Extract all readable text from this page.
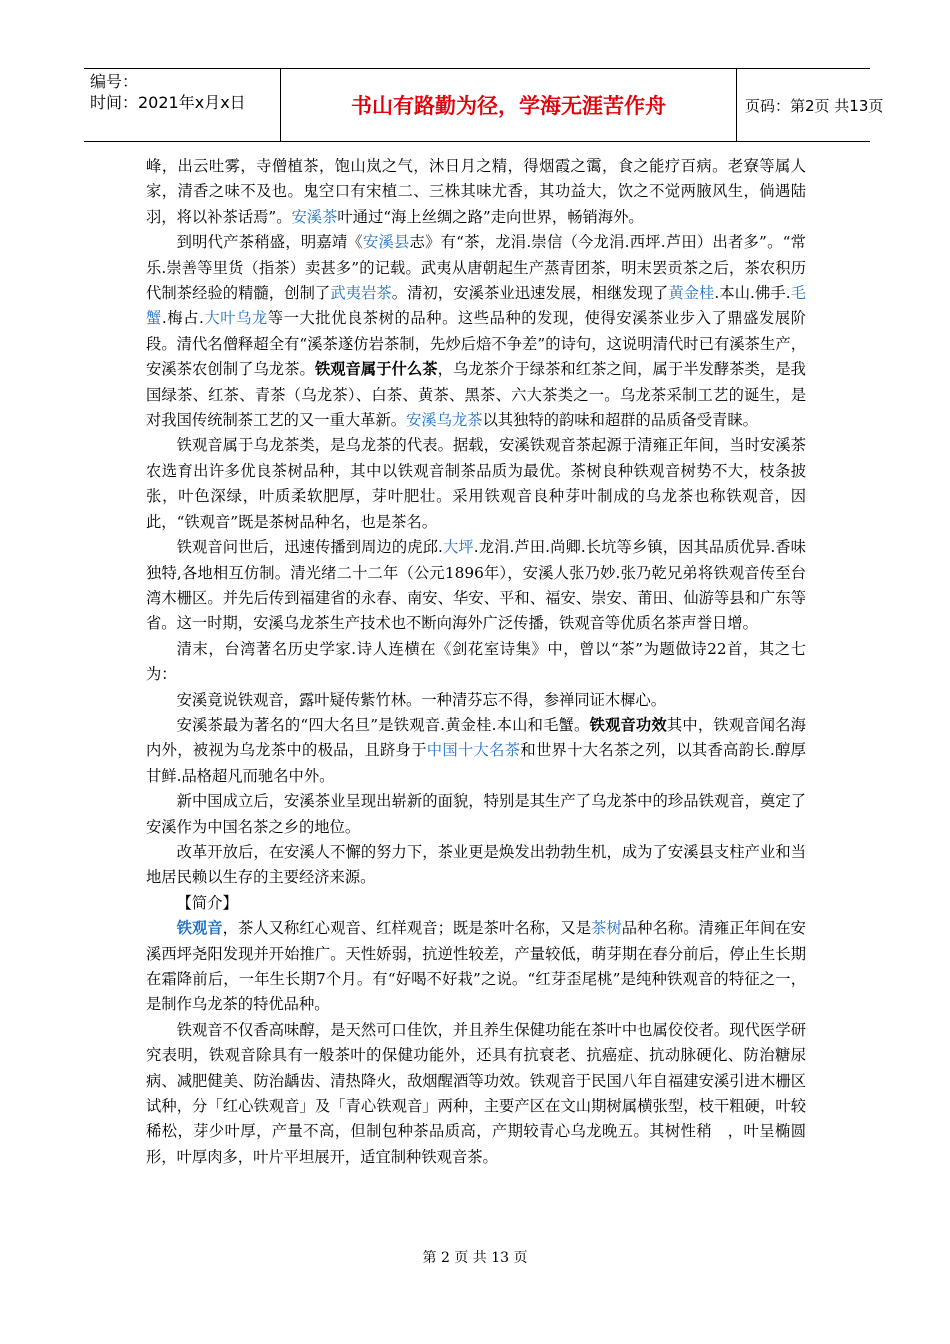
编号：
时间：2021年x月x日	书山有路勤为径，学海无涯苦作舟	页码：第2页 共13页

峰，出云吐雾，寺僧植茶，饱山岚之气，沐日月之精，得烟霞之霭，食之能疗百病。老寮等属人家，清香之味不及也。鬼空口有宋植二、三株其味尤香，其功益大，饮之不觉两腋风生，倘遇陆羽，将以补茶话焉”。安溪茶叶通过“海上丝绸之路”走向世界，畅销海外。

到明代产茶稍盛，明嘉靖《安溪县志》有“茶，龙涓.崇信（今龙涓.西坪.芦田）出者多”。“常乐.崇善等里货（指茶）卖甚多”的记载。武夷从唐朝起生产蒸青团茶，明末罢贡茶之后，茶农积历代制茶经验的精髓，创制了武夷岩茶。清初，安溪茶业迅速发展，相继发现了黄金桂.本山.佛手.毛蟹.梅占.大叶乌龙等一大批优良茶树的品种。这些品种的发现，使得安溪茶业步入了鼎盛发展阶段。清代名僧释超全有“溪茶遂仿岩茶制，先炒后焙不争差”的诗句，这说明清代时已有溪茶生产，安溪茶农创制了乌龙茶。铁观音属于什么茶，乌龙茶介于绿茶和红茶之间，属于半发酵茶类，是我国绿茶、红茶、青茶（乌龙茶）、白茶、黄茶、黑茶、六大茶类之一。乌龙茶采制工艺的诞生，是对我国传统制茶工艺的又一重大革新。安溪乌龙茶以其独特的韵味和超群的品质备受青睐。

铁观音属于乌龙茶类，是乌龙茶的代表。据载，安溪铁观音茶起源于清雍正年间，当时安溪茶农选育出许多优良茶树品种，其中以铁观音制茶品质为最优。茶树良种铁观音树势不大，枝条披张，叶色深绿，叶质柔软肥厚，芽叶肥壮。采用铁观音良种芽叶制成的乌龙茶也称铁观音，因此，“铁观音”既是茶树品种名，也是茶名。

铁观音问世后，迅速传播到周边的虎邱.大坪.龙涓.芦田.尚卿.长坑等乡镇，因其品质优异.香味独特,各地相互仿制。清光绪二十二年（公元1896年），安溪人张乃妙.张乃乾兄弟将铁观音传至台湾木栅区。并先后传到福建省的永春、南安、华安、平和、福安、崇安、莆田、仙游等县和广东等省。这一时期，安溪乌龙茶生产技术也不断向海外广泛传播，铁观音等优质名茶声誉日增。

清末，台湾著名历史学家.诗人连横在《剑花室诗集》中，曾以“茶”为题做诗22首，其之七为：

安溪竟说铁观音，露叶疑传紫竹林。一种清芬忘不得，参禅同证木樨心。

安溪茶最为著名的“四大名旦”是铁观音.黄金桂.本山和毛蟹。铁观音功效其中，铁观音闻名海内外，被视为乌龙茶中的极品，且跻身于中国十大名茶和世界十大名茶之列，以其香高韵长.醇厚甘鲜.品格超凡而驰名中外。

新中国成立后，安溪茶业呈现出崭新的面貌，特别是其生产了乌龙茶中的珍品铁观音，奠定了安溪作为中国名茶之乡的地位。

改革开放后，在安溪人不懈的努力下，茶业更是焕发出勃勃生机，成为了安溪县支柱产业和当地居民赖以生存的主要经济来源。

【简介】

铁观音，茶人又称红心观音、红样观音；既是茶叶名称，又是茶树品种名称。清雍正年间在安溪西坪尧阳发现并开始推广。天性娇弱，抗逆性较差，产量较低，萌芽期在春分前后，停止生长期在霜降前后，一年生长期7个月。有“好喝不好栽”之说。“红芽歪尾桃”是纯种铁观音的特征之一，是制作乌龙茶的特优品种。

铁观音不仅香高味醇，是天然可口佳饮，并且养生保健功能在茶叶中也属佼佼者。现代医学研究表明，铁观音除具有一般茶叶的保健功能外，还具有抗衰老、抗癌症、抗动脉硬化、防治糖尿病、减肥健美、防治龋齿、清热降火，敌烟醒酒等功效。铁观音于民国八年自福建安溪引进木栅区试种，分「红心铁观音」及「青心铁观音」两种，主要产区在文山期树属横张型，枝干粗硬，叶较稀松，芽少叶厚，产量不高，但制包种茶品质高，产期较青心乌龙晚五。其树性稍　，叶呈椭圆形，叶厚肉多，叶片平坦展开，适宜制种铁观音茶。

第 2 页 共 13 页
